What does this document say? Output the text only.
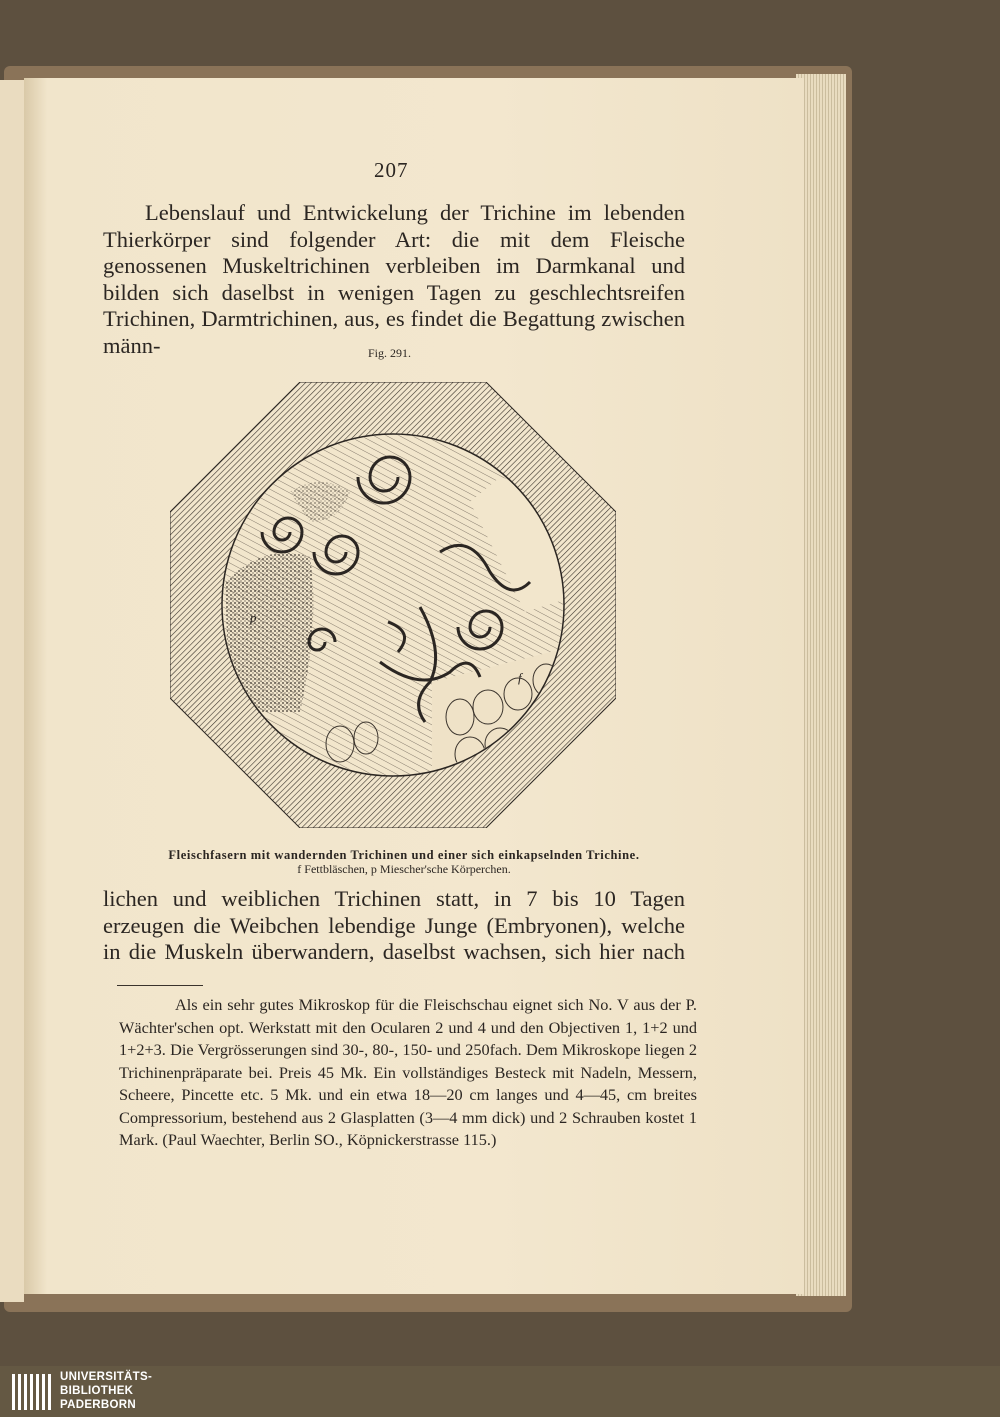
207
Lebenslauf und Entwickelung der Trichine im lebenden Thierkörper sind folgender Art: die mit dem Fleische genossenen Muskeltrichinen verbleiben im Darmkanal und bilden sich daselbst in wenigen Tagen zu geschlechtsreifen Trichinen, Darmtrichinen, aus, es findet die Begattung zwischen männ-	Fig. 291.
p
f
Fleischfasern mit wandernden Trichinen und einer sich einkapselnden Trichine.
f Fettbläschen, p Miescher'sche Körperchen.
lichen und weiblichen Trichinen statt, in 7 bis 10 Tagen erzeugen die Weibchen lebendige Junge (Embryonen), welche in die Muskeln überwandern, daselbst wachsen, sich hier nach

Als ein sehr gutes Mikroskop für die Fleischschau eignet sich No. V aus der P. Wächter'schen opt. Werkstatt mit den Ocularen 2 und 4 und den Objectiven 1, 1+2 und 1+2+3. Die Vergrösserungen sind 30-, 80-, 150- und 250fach. Dem Mikroskope liegen 2 Trichinenpräparate bei. Preis 45 Mk. Ein vollständiges Besteck mit Nadeln, Messern, Scheere, Pincette etc. 5 Mk. und ein etwa 18—20 cm langes und 4—45, cm breites Compressorium, bestehend aus 2 Glasplatten (3—4 mm dick) und 2 Schrauben kostet 1 Mark. (Paul Waechter, Berlin SO., Köpnickerstrasse 115.)

UNIVERSITÄTS-
BIBLIOTHEK
PADERBORN
